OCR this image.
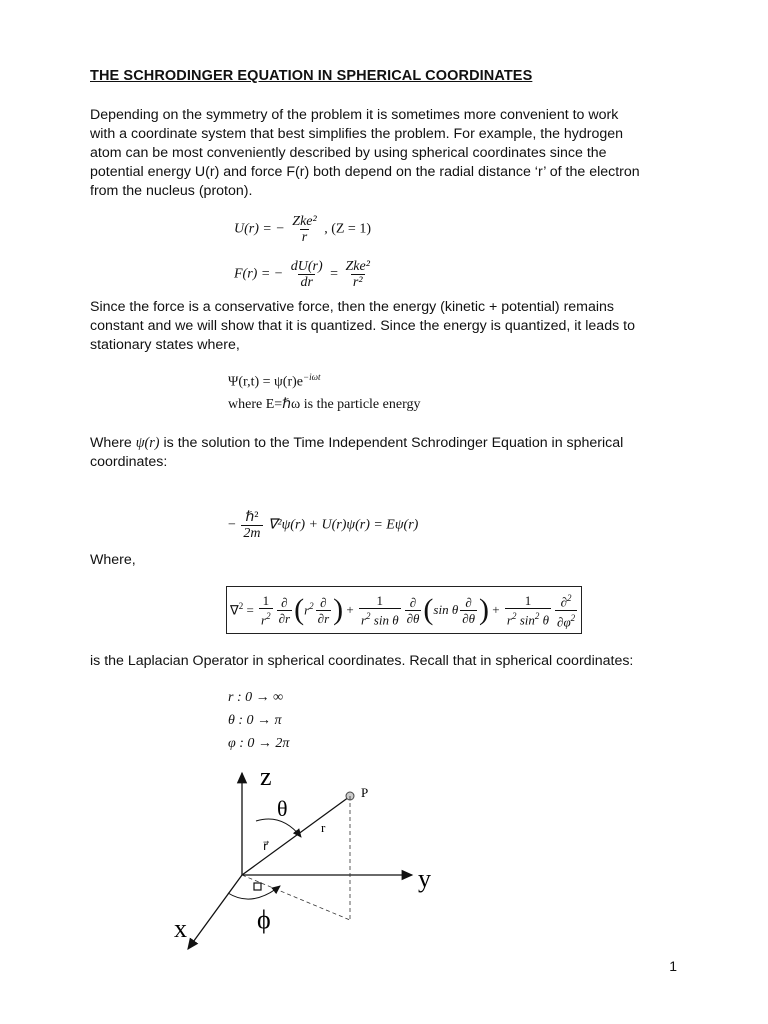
THE SCHRODINGER EQUATION IN SPHERICAL COORDINATES
Depending on the symmetry of the problem it is sometimes more convenient to work
with a coordinate system that best simplifies the problem. For example, the hydrogen
atom can be most conveniently described by using spherical coordinates since the
potential energy U(r) and force F(r) both depend on the radial distance ‘r’ of the electron
from the nucleus (proton).
U(r) = − $\frac{\text{Zke²}}{r}$ , (Z = 1)
F(r) = − $\frac{dU(r)}{dr} = \frac{\text{Zke²}}{\text{r²}}$
Since the force is a conservative force, then the energy (kinetic + potential) remains
constant and we will show that it is quantized. Since the energy is quantized, it leads to
stationary states where,
$\Psi(r,t) = \psi(r)e^{-i\omega t}$
where E=ℏω is the particle energy
Where ψ(r) is the solution to the Time Independent Schrodinger Equation in spherical
coordinates:
− $\frac{\text{ℏ²}}{2m} \nabla^2\psi(r) + U(r)\psi(r) = E\psi(r)$
Where,
$\nabla^2 = \frac{1}{r^2} \frac{\partial}{\partial r}$ ( $r^2 \frac{\partial}{\partial r}$ ) + $\frac{1}{r^2 \sin \theta} \frac{\partial}{\partial\theta}$ ( sin θ $\frac{\partial}{\partial\theta}$ ) + $\frac{1}{r^2 \sin^2 \theta} \frac{\partial^2}{\partial\varphi^2}$
is the Laplacian Operator in spherical coordinates. Recall that in spherical coordinates:
r : 0 → ∞
θ : 0 → π
φ : 0 → 2π
z
y
x
θ
ϕ
r
P
r⃗
1
